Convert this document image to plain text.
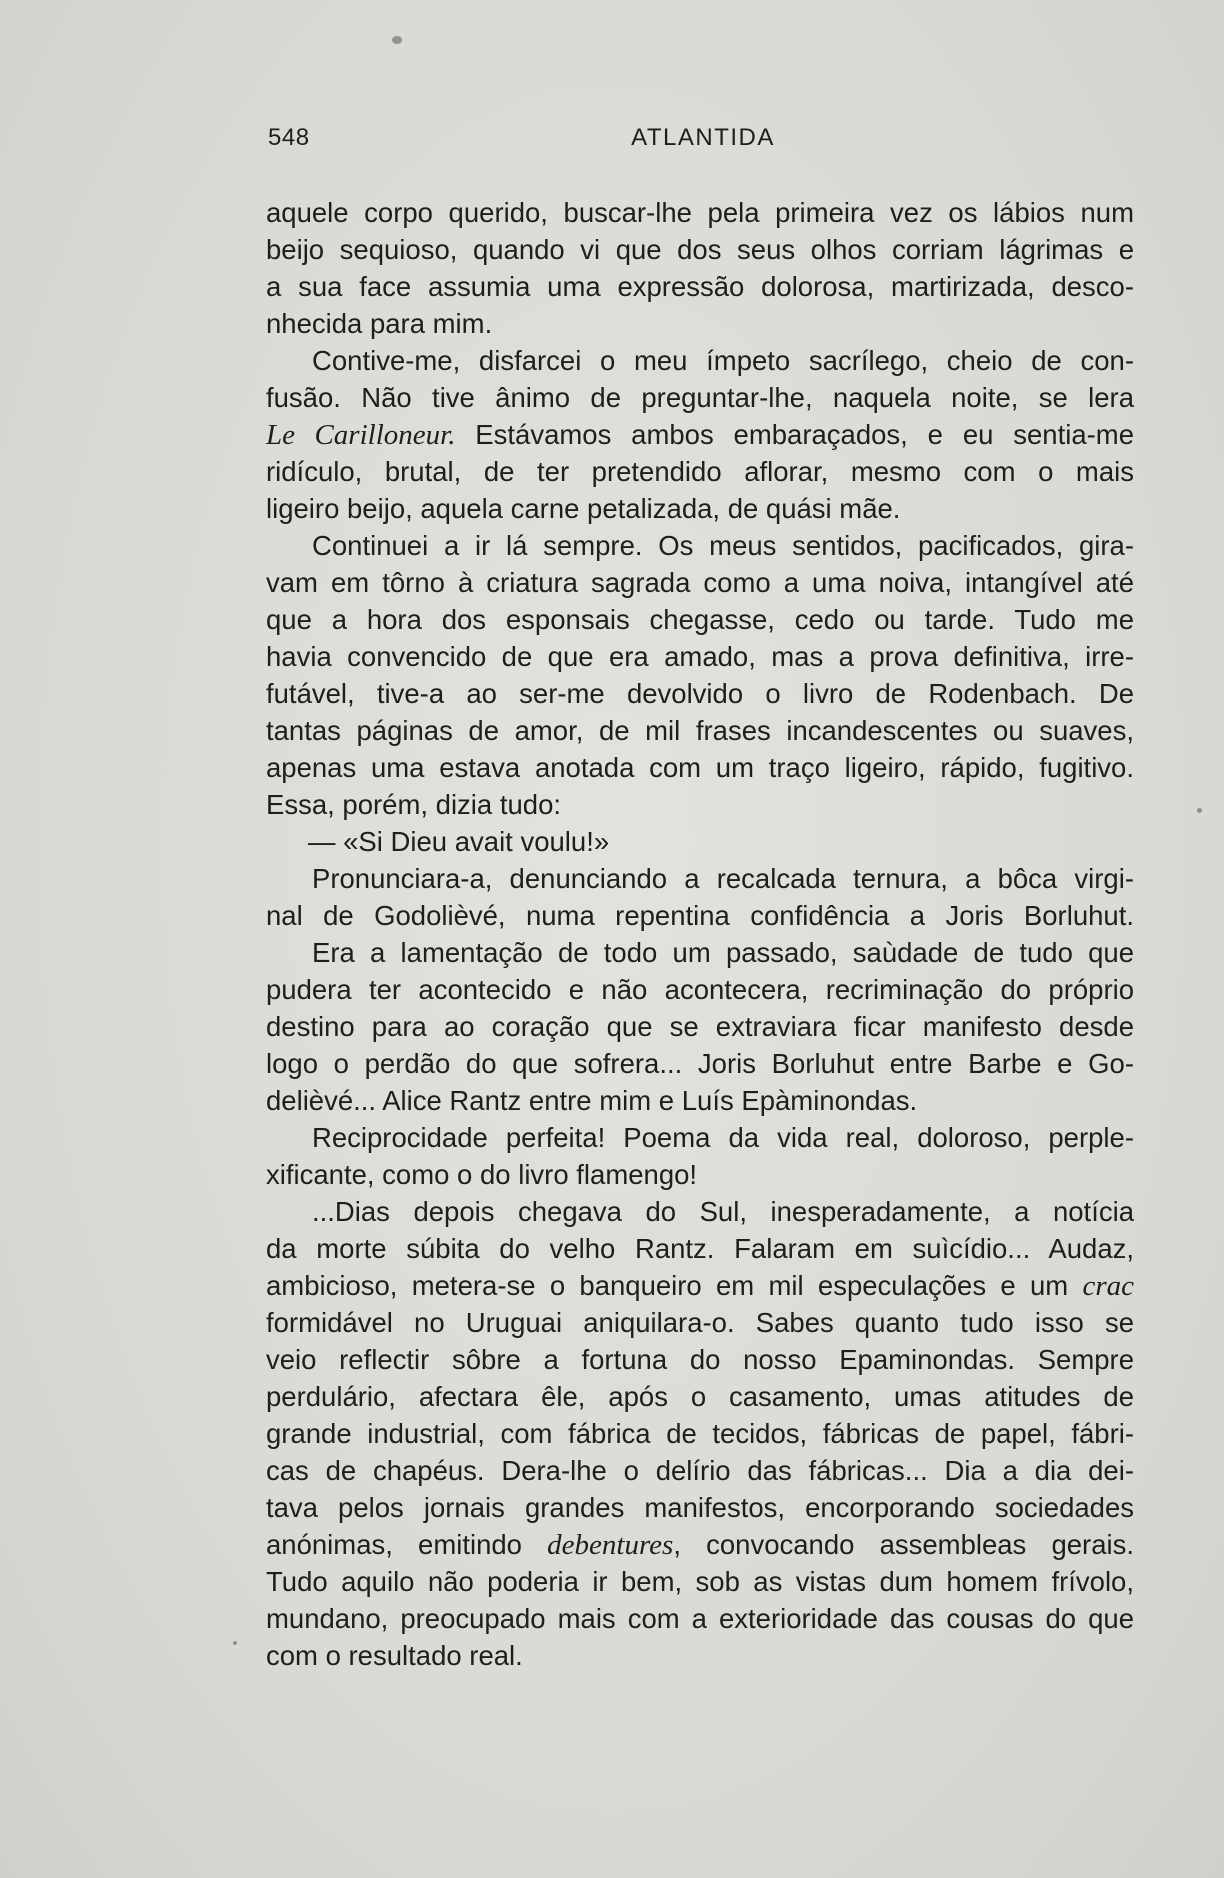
548	ATLANTIDA
aquele corpo querido, buscar-lhe pela primeira vez os lábios num
beijo sequioso, quando vi que dos seus olhos corriam lágrimas e
a sua face assumia uma expressão dolorosa, martirizada, desco-
nhecida para mim.
Contive-me, disfarcei o meu ímpeto sacrílego, cheio de con-
fusão. Não tive ânimo de preguntar-lhe, naquela noite, se lera
Le Carilloneur. Estávamos ambos embaraçados, e eu sentia-me
ridículo, brutal, de ter pretendido aflorar, mesmo com o mais
ligeiro beijo, aquela carne petalizada, de quási mãe.
Continuei a ir lá sempre. Os meus sentidos, pacificados, gira-
vam em tôrno à criatura sagrada como a uma noiva, intangível até
que a hora dos esponsais chegasse, cedo ou tarde. Tudo me
havia convencido de que era amado, mas a prova definitiva, irre-
futável, tive-a ao ser-me devolvido o livro de Rodenbach. De
tantas páginas de amor, de mil frases incandescentes ou suaves,
apenas uma estava anotada com um traço ligeiro, rápido, fugitivo.
Essa, porém, dizia tudo:
— «Si Dieu avait voulu!»
Pronunciara-a, denunciando a recalcada ternura, a bôca virgi-
nal de Godolièvé, numa repentina confidência a Joris Borluhut.
Era a lamentação de todo um passado, saùdade de tudo que
pudera ter acontecido e não acontecera, recriminação do próprio
destino para ao coração que se extraviara ficar manifesto desde
logo o perdão do que sofrera... Joris Borluhut entre Barbe e Go-
delièvé... Alice Rantz entre mim e Luís Epàminondas.
Reciprocidade perfeita! Poema da vida real, doloroso, perple-
xificante, como o do livro flamengo!
...Dias depois chegava do Sul, inesperadamente, a notícia
da morte súbita do velho Rantz. Falaram em suìcídio... Audaz,
ambicioso, metera-se o banqueiro em mil especulações e um crac
formidável no Uruguai aniquilara-o. Sabes quanto tudo isso se
veio reflectir sôbre a fortuna do nosso Epaminondas. Sempre
perdulário, afectara êle, após o casamento, umas atitudes de
grande industrial, com fábrica de tecidos, fábricas de papel, fábri-
cas de chapéus. Dera-lhe o delírio das fábricas... Dia a dia dei-
tava pelos jornais grandes manifestos, encorporando sociedades
anónimas, emitindo debentures, convocando assembleas gerais.
Tudo aquilo não poderia ir bem, sob as vistas dum homem frívolo,
mundano, preocupado mais com a exterioridade das cousas do que
com o resultado real.
